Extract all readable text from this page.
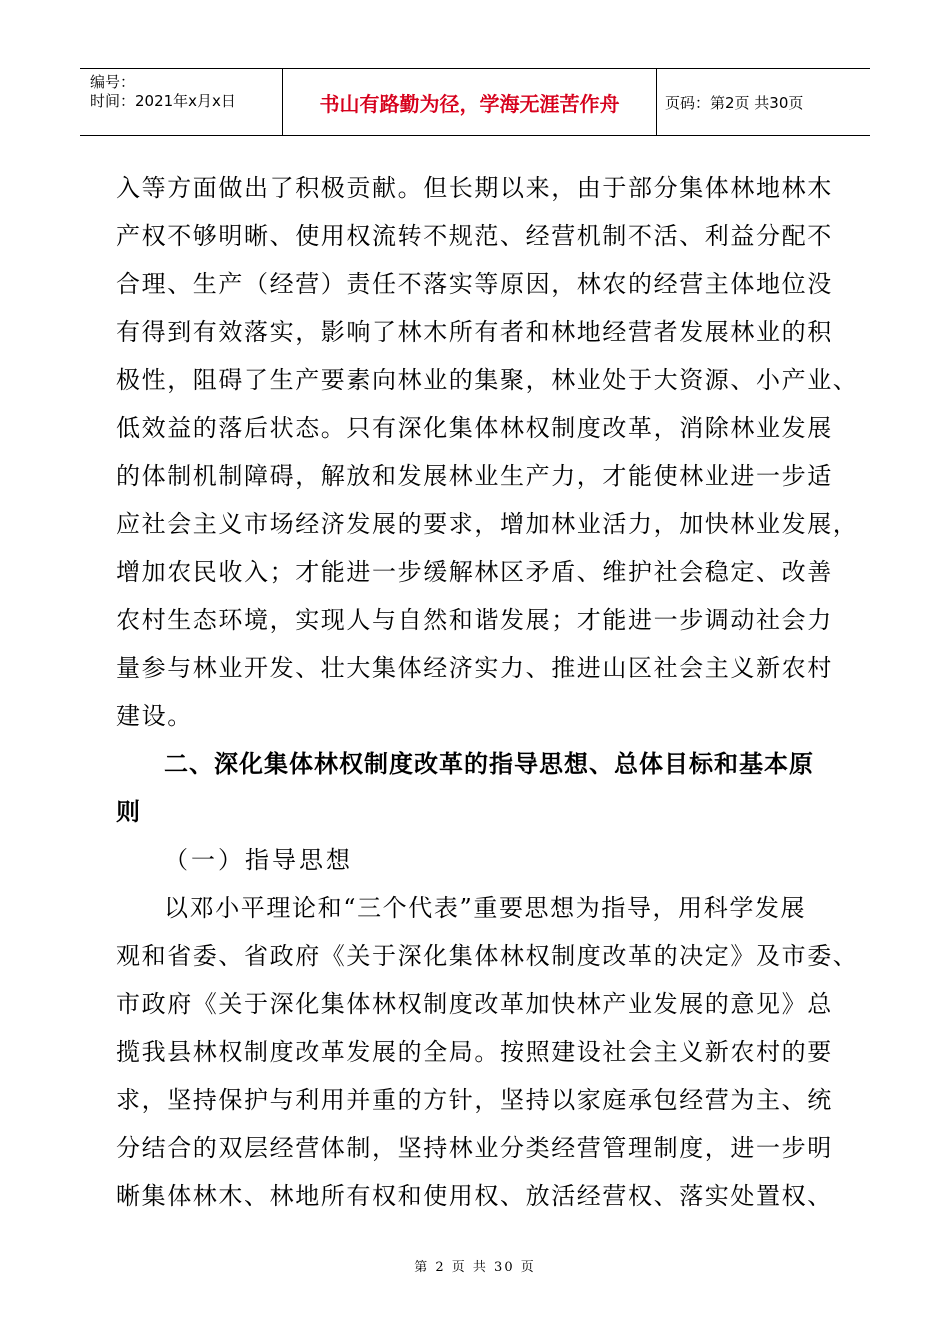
编号：
时间：2021年x月x日	书山有路勤为径，学海无涯苦作舟	页码：第2页 共30页
入等方面做出了积极贡献。但长期以来，由于部分集体林地林木
产权不够明晰、使用权流转不规范、经营机制不活、利益分配不
合理、生产（经营）责任不落实等原因，林农的经营主体地位没
有得到有效落实，影响了林木所有者和林地经营者发展林业的积
极性，阻碍了生产要素向林业的集聚，林业处于大资源、小产业、
低效益的落后状态。只有深化集体林权制度改革，消除林业发展
的体制机制障碍，解放和发展林业生产力，才能使林业进一步适
应社会主义市场经济发展的要求，增加林业活力，加快林业发展，
增加农民收入；才能进一步缓解林区矛盾、维护社会稳定、改善
农村生态环境，实现人与自然和谐发展；才能进一步调动社会力
量参与林业开发、壮大集体经济实力、推进山区社会主义新农村
建设。
二、深化集体林权制度改革的指导思想、总体目标和基本原
则
（一）指导思想
以邓小平理论和“三个代表”重要思想为指导，用科学发展
观和省委、省政府《关于深化集体林权制度改革的决定》及市委、
市政府《关于深化集体林权制度改革加快林产业发展的意见》总
揽我县林权制度改革发展的全局。按照建设社会主义新农村的要
求，坚持保护与利用并重的方针，坚持以家庭承包经营为主、统
分结合的双层经营体制，坚持林业分类经营管理制度，进一步明
晰集体林木、林地所有权和使用权、放活经营权、落实处置权、
第 2 页 共 30 页
